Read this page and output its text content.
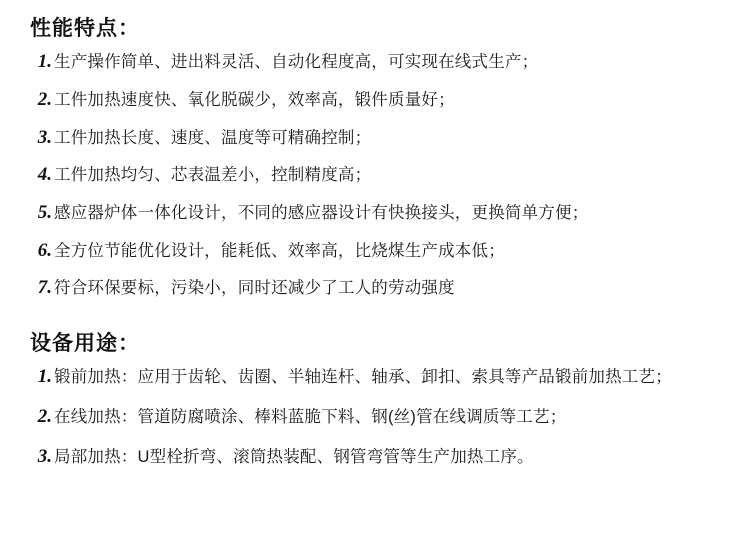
性能特点：
1. 生产操作简单、进出料灵活、自动化程度高，可实现在线式生产；
2. 工件加热速度快、氧化脱碳少，效率高，锻件质量好；
3. 工件加热长度、速度、温度等可精确控制；
4. 工件加热均匀、芯表温差小，控制精度高；
5. 感应器炉体一体化设计，不同的感应器设计有快换接头，更换简单方便；
6. 全方位节能优化设计，能耗低、效率高，比烧煤生产成本低；
7. 符合环保要标，污染小，同时还减少了工人的劳动强度
设备用途：
1. 锻前加热：应用于齿轮、齿圈、半轴连杆、轴承、卸扣、索具等产品锻前加热工艺；
2. 在线加热：管道防腐喷涂、棒料蓝脆下料、钢(丝)管在线调质等工艺；
3. 局部加热：U型栓折弯、滚筒热装配、钢管弯管等生产加热工序。
